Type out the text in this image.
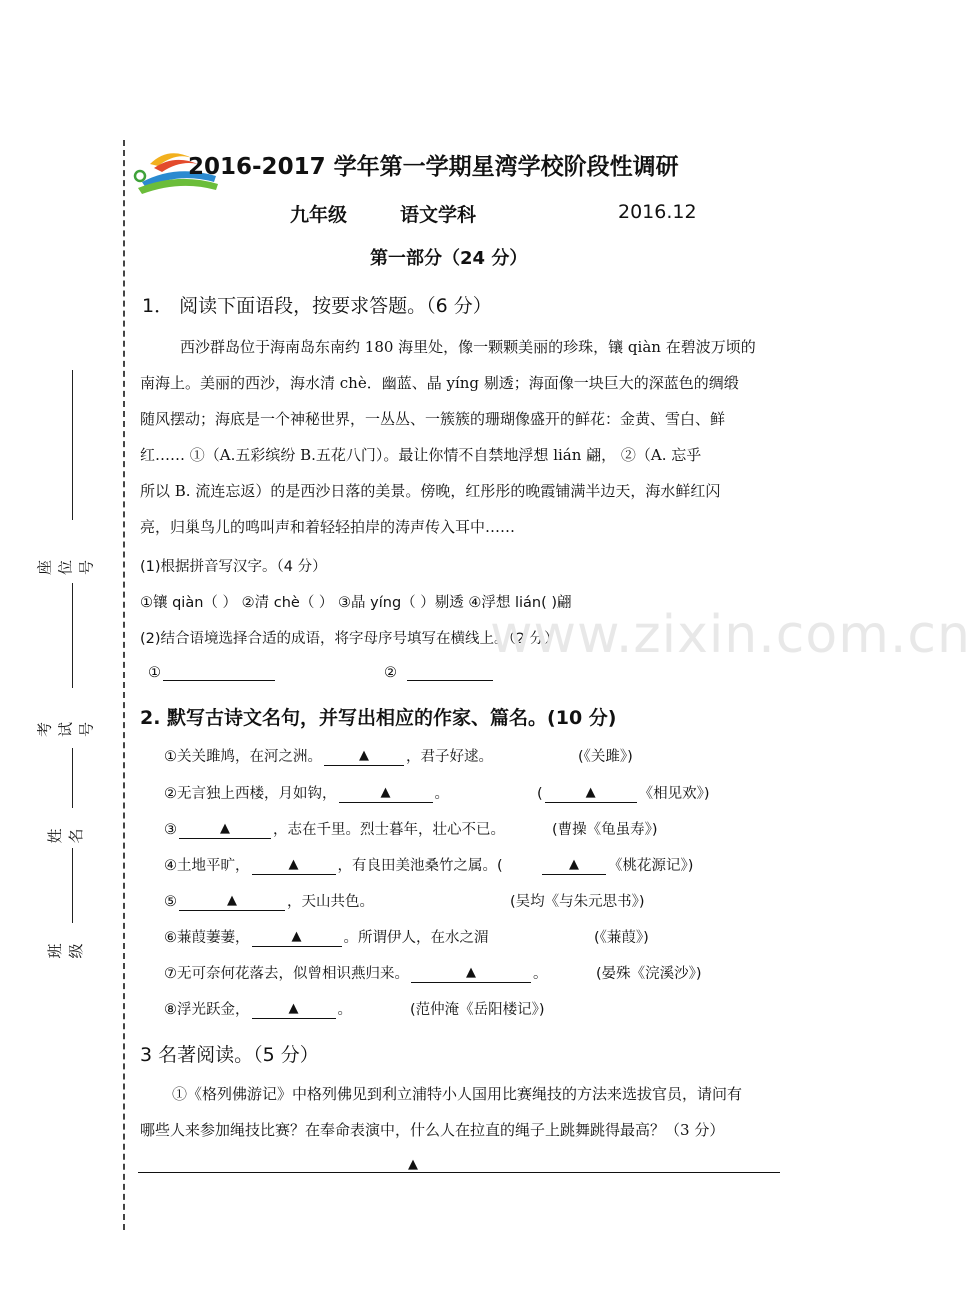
座位号
考试号
姓名
班级
2016-2017 学年第一学期星湾学校阶段性调研
九年级	语文学科	2016.12
第一部分（24 分）
1． 阅读下面语段，按要求答题。（6 分）
西沙群岛位于海南岛东南约 180 海里处，像一颗颗美丽的珍珠，镶 qiàn 在碧波万顷的
南海上。美丽的西沙，海水清 chè．幽蓝、晶 yíng 剔透；海面像一块巨大的深蓝色的绸缎
随风摆动；海底是一个神秘世界，一丛丛、一簇簇的珊瑚像盛开的鲜花：金黄、雪白、鲜
红…… ①（A.五彩缤纷 B.五花八门）。最让你情不自禁地浮想 lián 翩， ②（A. 忘乎
所以 B. 流连忘返）的是西沙日落的美景。傍晚，红彤彤的晚霞铺满半边天，海水鲜红闪
亮，归巢鸟儿的鸣叫声和着轻轻拍岸的涛声传入耳中……
(1)根据拼音写汉字。（4 分）
①镶 qiàn（ ） ②清 chè（ ） ③晶 yíng（ ）剔透 ④浮想 lián( )翩
(2)结合语境选择合适的成语，将字母序号填写在横线上。（2 分）
①	②
2. 默写古诗文名句，并写出相应的作家、篇名。(10 分)
①关关雎鸠，在河之洲。	▲	，君子好逑。	(《关雎》)
②无言独上西楼，月如钩，	▲	。	(	▲	《相见欢》)
③	▲	，志在千里。烈士暮年，壮心不已。	(曹操《龟虽寿》)
④土地平旷，	▲	，有良田美池桑竹之属。(	▲ 《桃花源记》)
⑤	▲	，天山共色。	(吴均《与朱元思书》)
⑥蒹葭萋萋，	▲	。所谓伊人，在水之湄	(《蒹葭》)
⑦无可奈何花落去，似曾相识燕归来。	▲	。	(晏殊《浣溪沙》)
⑧浮光跃金，	▲	。	(范仲淹《岳阳楼记》)
3 名著阅读。（5 分）
①《格列佛游记》中格列佛见到利立浦特小人国用比赛绳技的方法来选拔官员，请问有
哪些人来参加绳技比赛？在奉命表演中，什么人在拉直的绳子上跳舞跳得最高？（3 分）
▲
www.zixin.com.cn
